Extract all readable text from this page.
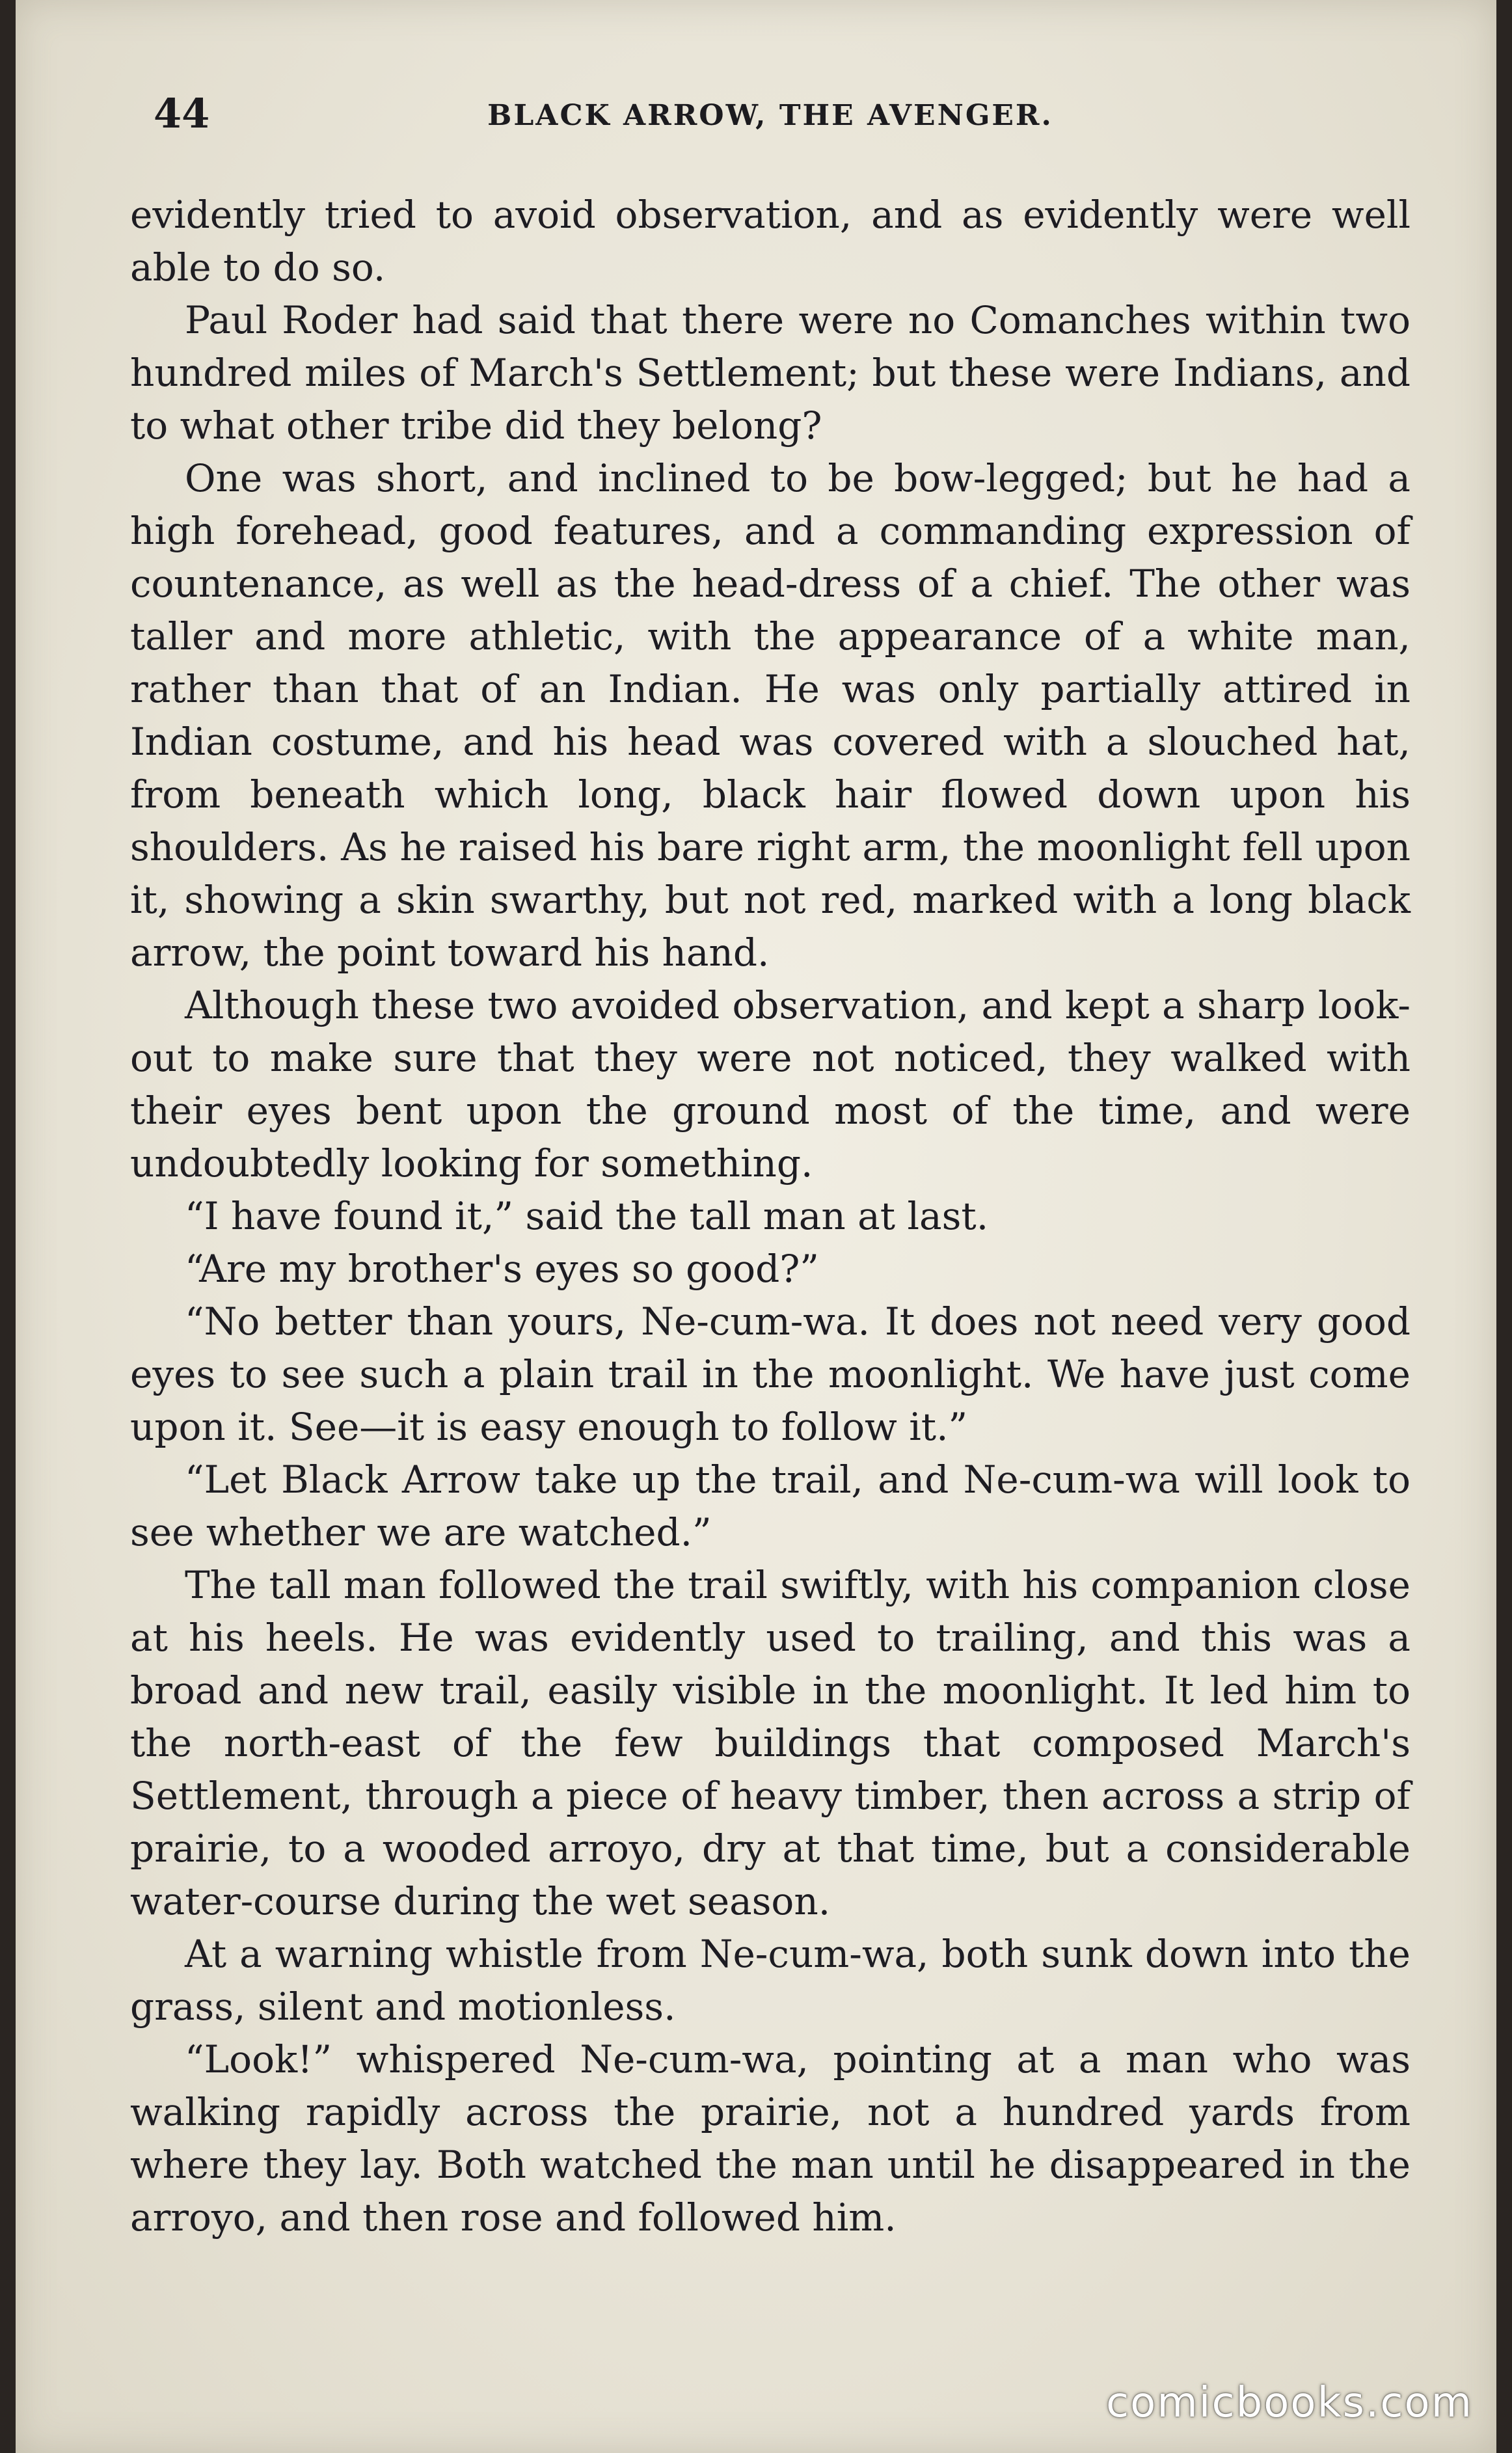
44	BLACK ARROW, THE AVENGER.

evidently tried to avoid observation, and as evidently were well able to do so.

Paul Roder had said that there were no Comanches within two hundred miles of March's Settlement; but these were Indians, and to what other tribe did they belong?

One was short, and inclined to be bow-legged; but he had a high forehead, good features, and a commanding expression of countenance, as well as the head-dress of a chief. The other was taller and more athletic, with the appearance of a white man, rather than that of an Indian. He was only partially attired in Indian costume, and his head was covered with a slouched hat, from beneath which long, black hair flowed down upon his shoulders. As he raised his bare right arm, the moonlight fell upon it, showing a skin swarthy, but not red, marked with a long black arrow, the point toward his hand.

Although these two avoided observation, and kept a sharp look-out to make sure that they were not noticed, they walked with their eyes bent upon the ground most of the time, and were undoubtedly looking for something.

“I have found it,” said the tall man at last.

“Are my brother's eyes so good?”

“No better than yours, Ne-cum-wa. It does not need very good eyes to see such a plain trail in the moonlight. We have just come upon it. See—it is easy enough to follow it.”

“Let Black Arrow take up the trail, and Ne-cum-wa will look to see whether we are watched.”

The tall man followed the trail swiftly, with his companion close at his heels. He was evidently used to trailing, and this was a broad and new trail, easily visible in the moonlight. It led him to the north-east of the few buildings that composed March's Settlement, through a piece of heavy timber, then across a strip of prairie, to a wooded arroyo, dry at that time, but a considerable water-course during the wet season.

At a warning whistle from Ne-cum-wa, both sunk down into the grass, silent and motionless.

“Look!” whispered Ne-cum-wa, pointing at a man who was walking rapidly across the prairie, not a hundred yards from where they lay. Both watched the man until he disappeared in the arroyo, and then rose and followed him.

comicbooks.com
